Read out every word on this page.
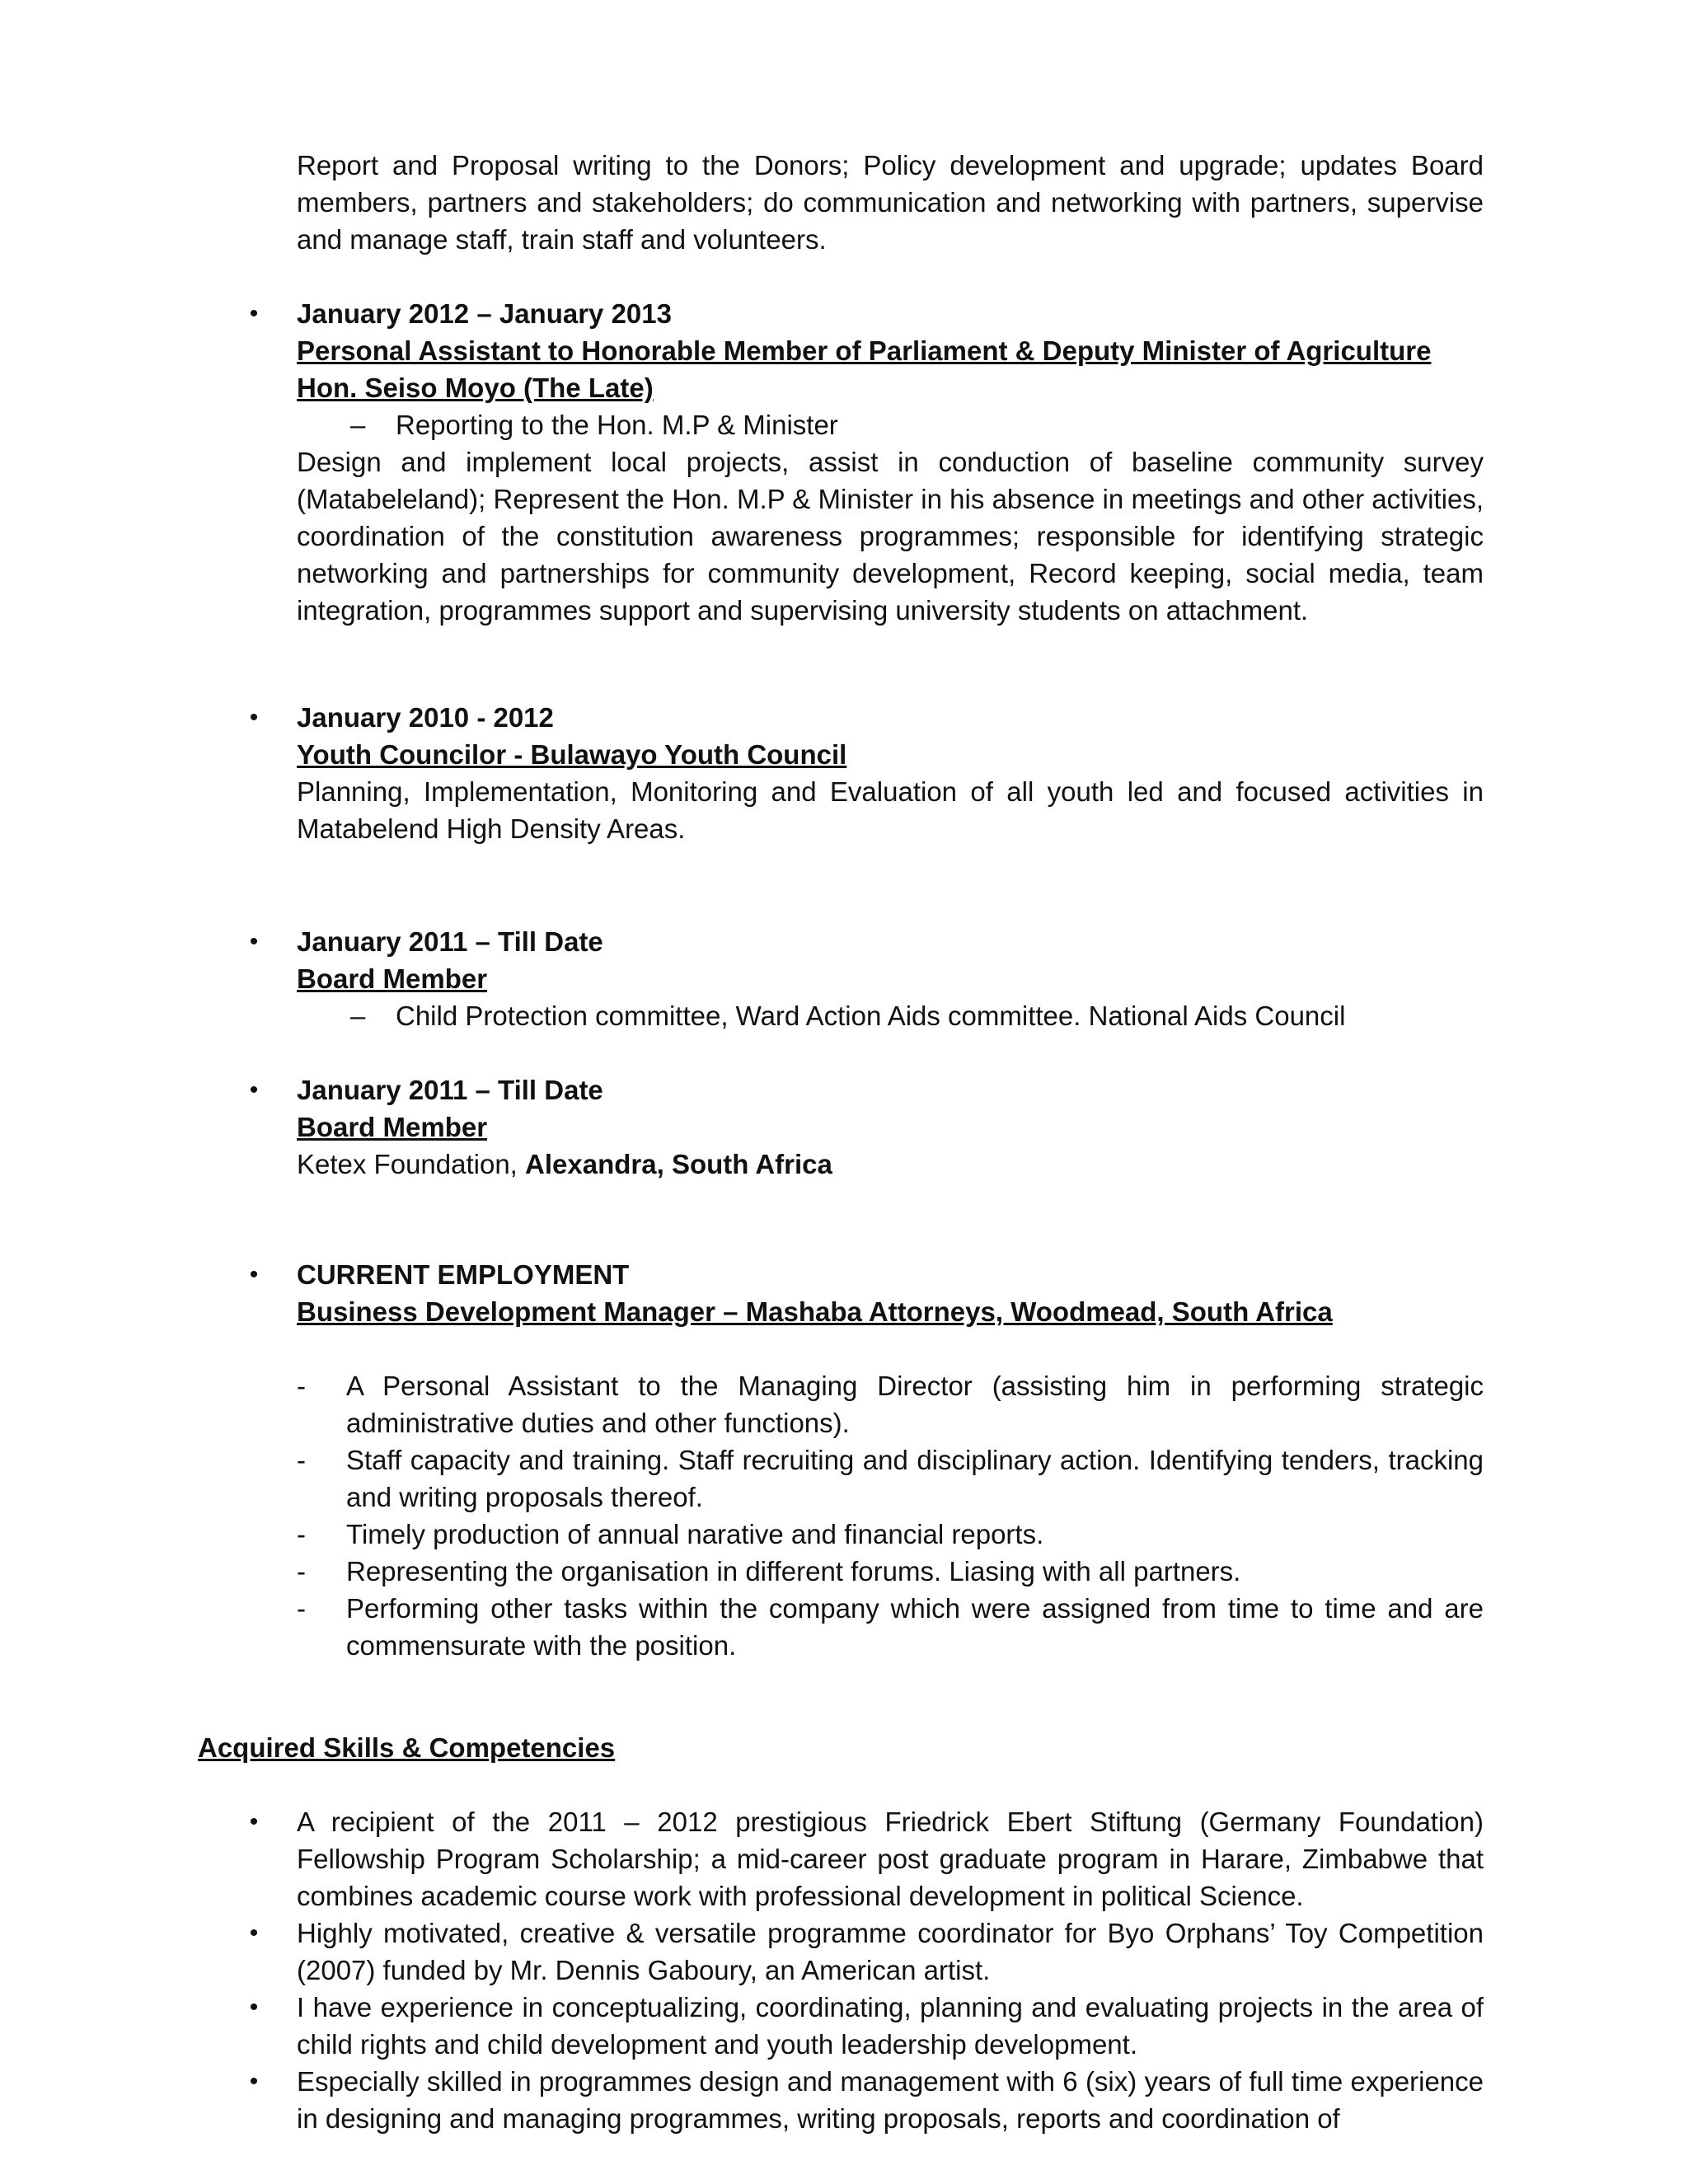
Report and Proposal writing to the Donors; Policy development and upgrade; updates Board members, partners and stakeholders; do communication and networking with partners, supervise and manage staff, train staff and volunteers.

• January 2012 – January 2013

Personal Assistant to Honorable Member of Parliament & Deputy Minister of Agriculture

Hon. Seiso Moyo (The Late)

– Reporting to the Hon. M.P & Minister

Design and implement local projects, assist in conduction of baseline community survey (Matabeleland); Represent the Hon. M.P & Minister in his absence in meetings and other activities, coordination of the constitution awareness programmes; responsible for identifying strategic networking and partnerships for community development, Record keeping, social media, team integration, programmes support and supervising university students on attachment.

• January 2010 - 2012

Youth Councilor - Bulawayo Youth Council

Planning, Implementation, Monitoring and Evaluation of all youth led and focused activities in Matabelend High Density Areas.

• January 2011 – Till Date

Board Member

– Child Protection committee, Ward Action Aids committee. National Aids Council

• January 2011 – Till Date

Board Member

Ketex Foundation, Alexandra, South Africa

• CURRENT EMPLOYMENT

Business Development Manager – Mashaba Attorneys, Woodmead, South Africa

- A Personal Assistant to the Managing Director (assisting him in performing strategic administrative duties and other functions).

- Staff capacity and training. Staff recruiting and disciplinary action. Identifying tenders, tracking and writing proposals thereof.

- Timely production of annual narative and financial reports.

- Representing the organisation in different forums. Liasing with all partners.

- Performing other tasks within the company which were assigned from time to time and are commensurate with the position.

Acquired Skills & Competencies

• A recipient of the 2011 – 2012 prestigious Friedrick Ebert Stiftung (Germany Foundation) Fellowship Program Scholarship; a mid-career post graduate program in Harare, Zimbabwe that combines academic course work with professional development in political Science.

• Highly motivated, creative & versatile programme coordinator for Byo Orphans’ Toy Competition (2007) funded by Mr. Dennis Gaboury, an American artist.

• I have experience in conceptualizing, coordinating, planning and evaluating projects in the area of child rights and child development and youth leadership development.

• Especially skilled in programmes design and management with 6 (six) years of full time experience in designing and managing programmes, writing proposals, reports and coordination of
